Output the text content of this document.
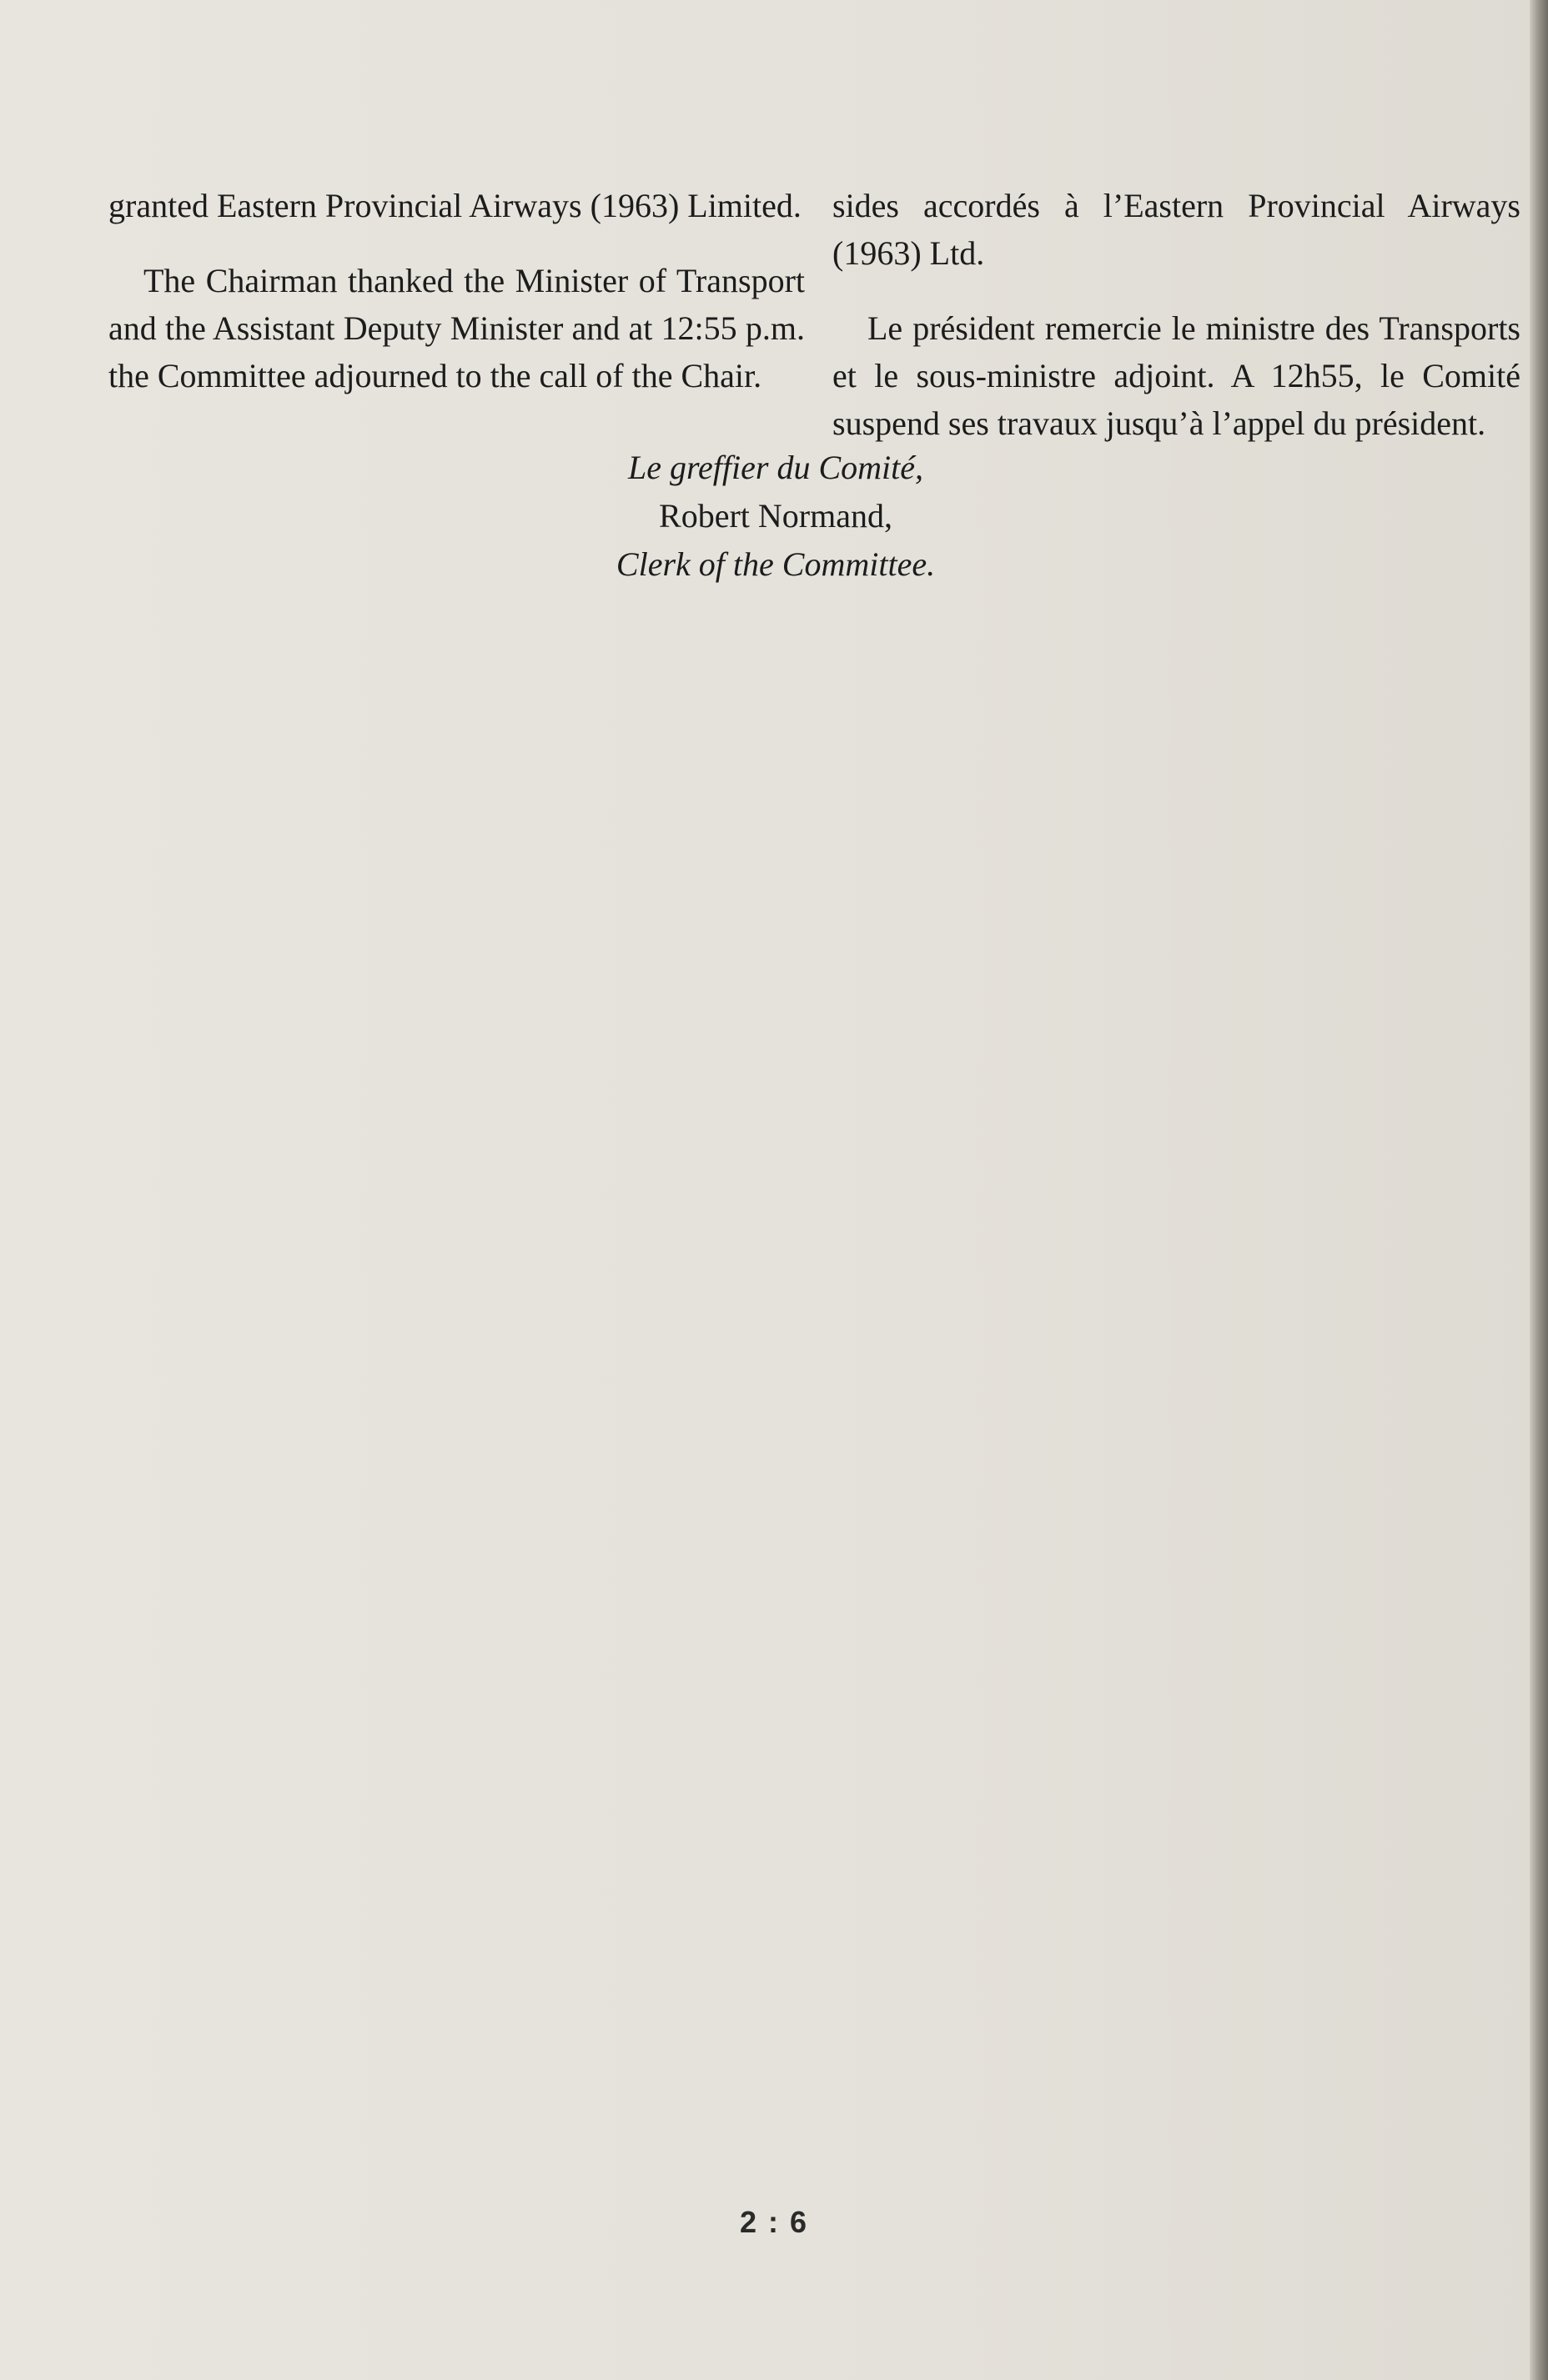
granted Eastern Provincial Airways (1963) Limited.

The Chairman thanked the Minister of Transport and the Assistant Deputy Minister and at 12:55 p.m. the Committee adjourned to the call of the Chair.

sides accordés à l’Eastern Provincial Airways (1963) Ltd.

Le président remercie le ministre des Transports et le sous-ministre adjoint. A 12h55, le Comité suspend ses travaux jusqu’à l’appel du président.

Le greffier du Comité,
Robert Normand,
Clerk of the Committee.
2 : 6
